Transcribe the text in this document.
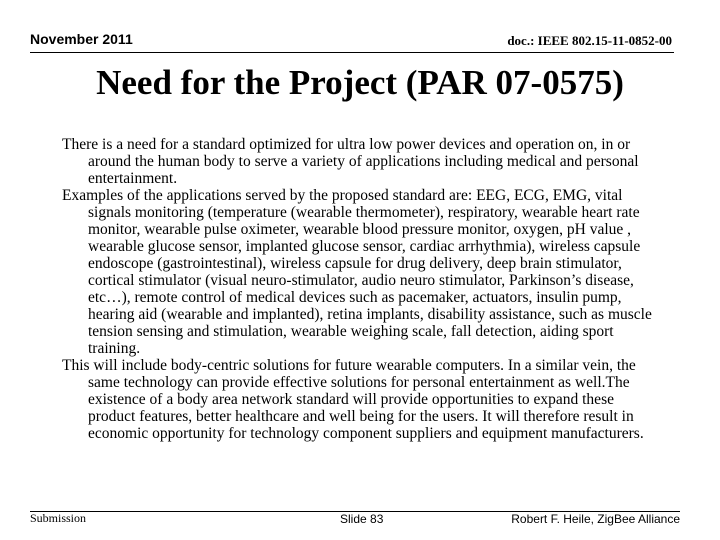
November 2011	doc.: IEEE 802.15-11-0852-00
Need for the Project (PAR 07-0575)

There is a need for a standard optimized for ultra low power devices and operation on, in or around the human body to serve a variety of applications including medical and personal entertainment.

Examples of the applications served by the proposed standard are: EEG, ECG, EMG, vital signals monitoring (temperature (wearable thermometer), respiratory, wearable heart rate monitor, wearable pulse oximeter, wearable blood pressure monitor, oxygen, pH value , wearable glucose sensor, implanted glucose sensor, cardiac arrhythmia), wireless capsule endoscope (gastrointestinal), wireless capsule for drug delivery, deep brain stimulator, cortical stimulator (visual neuro-stimulator, audio neuro stimulator, Parkinson’s disease, etc…), remote control of medical devices such as pacemaker, actuators, insulin pump, hearing aid (wearable and implanted), retina implants, disability assistance, such as muscle tension sensing and stimulation, wearable weighing scale, fall detection, aiding sport training.

This will include body-centric solutions for future wearable computers. In a similar vein, the same technology can provide effective solutions for personal entertainment as well.The existence of a body area network standard will provide opportunities to expand these product features, better healthcare and well being for the users. It will therefore result in economic opportunity for technology component suppliers and equipment manufacturers.

Submission	Slide 83	Robert F. Heile, ZigBee Alliance
